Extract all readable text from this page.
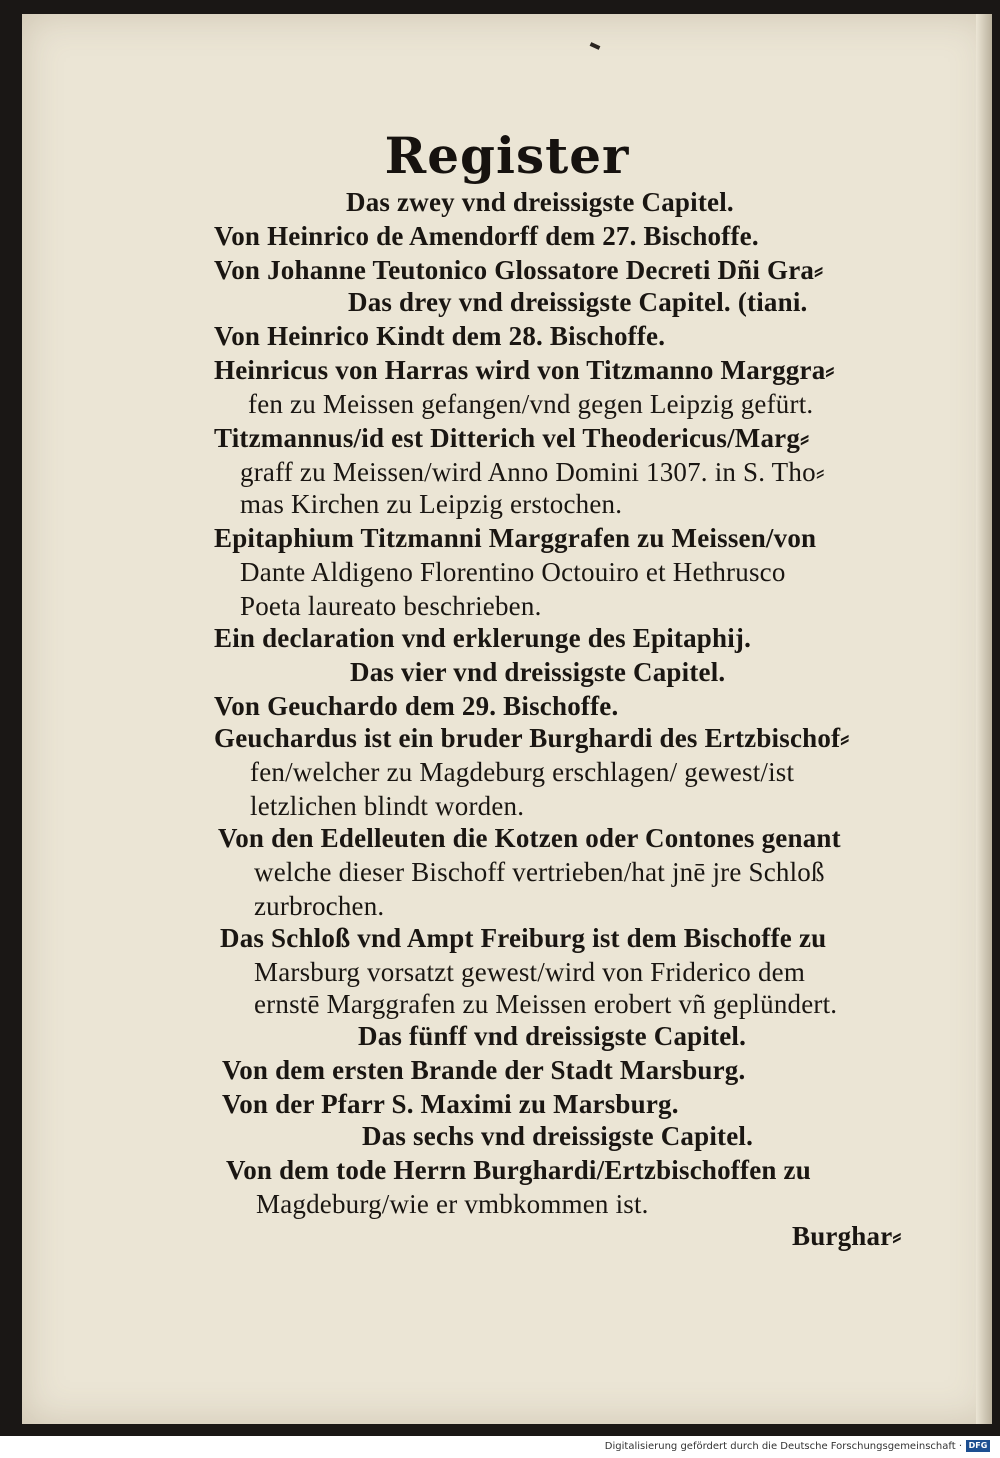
Register
Das zwey vnd dreissigste Capitel.
Von Heinrico de Amendorff dem 27. Bischoffe.
Von Johanne Teutonico Glossatore Decreti Dñi Gra⸗
Das drey vnd dreissigste Capitel. (tiani.
Von Heinrico Kindt dem 28. Bischoffe.
Heinricus von Harras wird von Titzmanno Marggra⸗
fen zu Meissen gefangen/vnd gegen Leipzig gefürt.
Titzmannus/id est Ditterich vel Theodericus/Marg⸗
graff zu Meissen/wird Anno Domini 1307. in S. Tho⸗
mas Kirchen zu Leipzig erstochen.
Epitaphium Titzmanni Marggrafen zu Meissen/von
Dante Aldigeno Florentino Octouiro et Hethrusco
Poeta laureato beschrieben.
Ein declaration vnd erklerunge des Epitaphij.
Das vier vnd dreissigste Capitel.
Von Geuchardo dem 29. Bischoffe.
Geuchardus ist ein bruder Burghardi des Ertzbischof⸗
fen/welcher zu Magdeburg erschlagen/ gewest/ist
letzlichen blindt worden.
Von den Edelleuten die Kotzen oder Contones genant
welche dieser Bischoff vertrieben/hat jnē jre Schloß
zurbrochen.
Das Schloß vnd Ampt Freiburg ist dem Bischoffe zu
Marsburg vorsatzt gewest/wird von Friderico dem
ernstē Marggrafen zu Meissen erobert vñ geplündert.
Das fünff vnd dreissigste Capitel.
Von dem ersten Brande der Stadt Marsburg.
Von der Pfarr S. Maximi zu Marsburg.
Das sechs vnd dreissigste Capitel.
Von dem tode Herrn Burghardi/Ertzbischoffen zu
Magdeburg/wie er vmbkommen ist.
Burghar⸗
Digitalisierung gefördert durch die Deutsche Forschungsgemeinschaft · DFG
